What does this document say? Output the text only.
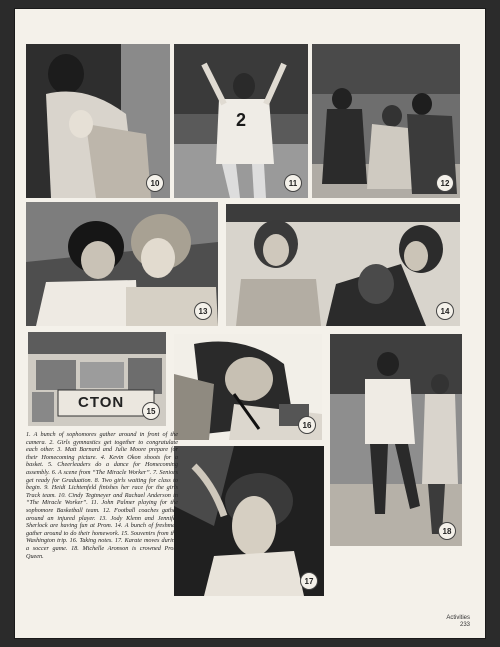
10
2
11	12
13	14
CTON	15
16
17
18
1. A bunch of sophomores gather around in front of the camera. 2. Girls gymnastics get together to congratulate each other. 3. Matt Barnard and Julie Moore prepare for their Homecoming picture. 4. Kevin Okon shoots for a basket. 5. Cheerleaders do a dance for Homecoming assembly. 6. A scene from “The Miracle Worker”. 7. Seniors get ready for Graduation. 8. Two girls waiting for class to begin. 9. Heidi Lichtenfeld finishes her race for the girls Track team. 10. Cindy Tegtmeyer and Rachael Anderson in “The Miracle Worker”. 11. John Palmer playing for the sophomore Basketball team. 12. Football coaches gather around an injured player. 13. Jody Klenn and Jennifer Sherlock are having fun at Prom. 14. A bunch of freshmen gather around to do their homework. 15. Souvenirs from the Washington trip. 16. Taking notes. 17. Karate moves during a soccer game. 18. Michelle Aronson is crowned Prom Queen.
Activities
233
